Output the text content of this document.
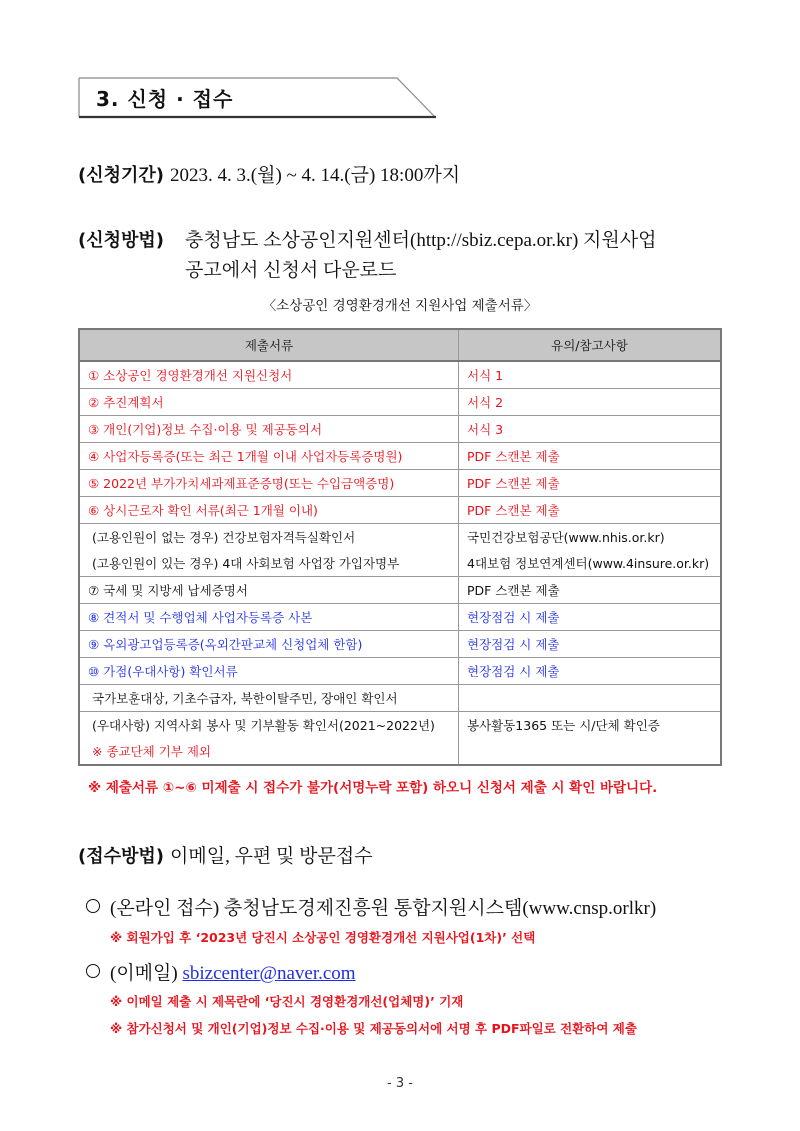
3. 신청 · 접수
(신청기간) 2023. 4. 3.(월) ~ 4. 14.(금) 18:00까지
(신청방법) 충청남도 소상공인지원센터(http://sbiz.cepa.or.kr) 지원사업
공고에서 신청서 다운로드
〈소상공인 경영환경개선 지원사업 제출서류〉
제출서류	유의/참고사항
① 소상공인 경영환경개선 지원신청서	서식 1
② 추진계획서	서식 2
③ 개인(기업)정보 수집·이용 및 제공동의서	서식 3
④ 사업자등록증(또는 최근 1개월 이내 사업자등록증명원)	PDF 스캔본 제출
⑤ 2022년 부가가치세과제표준증명(또는 수입금액증명)	PDF 스캔본 제출
⑥ 상시근로자 확인 서류(최근 1개월 이내)	PDF 스캔본 제출
(고용인원이 없는 경우) 건강보험자격득실확인서	국민건강보험공단(www.nhis.or.kr)
(고용인원이 있는 경우) 4대 사회보험 사업장 가입자명부	4대보험 정보연계센터(www.4insure.or.kr)
⑦ 국세 및 지방세 납세증명서	PDF 스캔본 제출
⑧ 견적서 및 수행업체 사업자등록증 사본	현장점검 시 제출
⑨ 옥외광고업등록증(옥외간판교체 신청업체 한함)	현장점검 시 제출
⑩ 가점(우대사항) 확인서류	현장점검 시 제출
국가보훈대상, 기초수급자, 북한이탈주민, 장애인 확인서	
(우대사항) 지역사회 봉사 및 기부활동 확인서(2021~2022년)	봉사활동1365 또는 시/단체 확인증
※ 종교단체 기부 제외	
※ 제출서류 ①~⑥ 미제출 시 접수가 불가(서명누락 포함) 하오니 신청서 제출 시 확인 바랍니다.
(접수방법) 이메일, 우편 및 방문접수
(온라인 접수) 충청남도경제진흥원 통합지원시스템(www.cnsp.orlkr)
※ 회원가입 후 ‘2023년 당진시 소상공인 경영환경개선 지원사업(1차)’ 선택
(이메일) sbizcenter@naver.com
※ 이메일 제출 시 제목란에 ‘당진시 경영환경개선(업체명)’ 기재
※ 참가신청서 및 개인(기업)정보 수집·이용 및 제공동의서에 서명 후 PDF파일로 전환하여 제출
- 3 -
